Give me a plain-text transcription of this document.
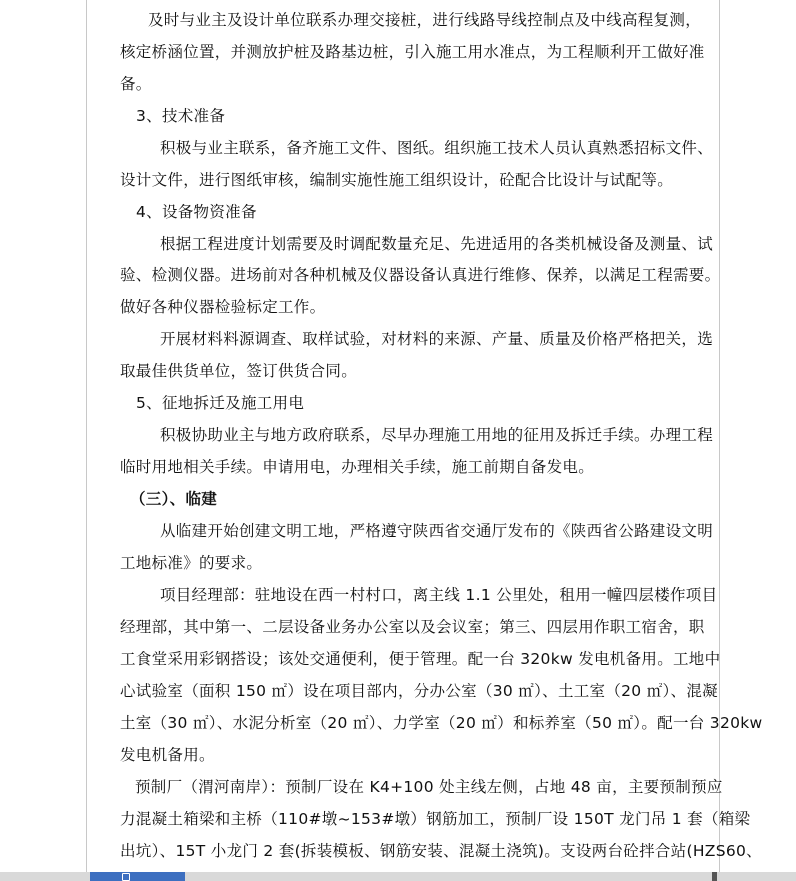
及时与业主及设计单位联系办理交接桩，进行线路导线控制点及中线高程复测，
核定桥涵位置，并测放护桩及路基边桩，引入施工用水准点，为工程顺利开工做好准
备。
3、技术准备
积极与业主联系，备齐施工文件、图纸。组织施工技术人员认真熟悉招标文件、
设计文件，进行图纸审核，编制实施性施工组织设计，砼配合比设计与试配等。
4、设备物资准备
根据工程进度计划需要及时调配数量充足、先进适用的各类机械设备及测量、试
验、检测仪器。进场前对各种机械及仪器设备认真进行维修、保养，以满足工程需要。
做好各种仪器检验标定工作。
开展材料料源调查、取样试验，对材料的来源、产量、质量及价格严格把关，选
取最佳供货单位，签订供货合同。
5、征地拆迁及施工用电
积极协助业主与地方政府联系，尽早办理施工用地的征用及拆迁手续。办理工程
临时用地相关手续。申请用电，办理相关手续，施工前期自备发电。
（三）、临建
从临建开始创建文明工地，严格遵守陕西省交通厅发布的《陕西省公路建设文明
工地标准》的要求。
项目经理部：驻地设在西一村村口，离主线 1.1 公里处，租用一幢四层楼作项目
经理部，其中第一、二层设备业务办公室以及会议室；第三、四层用作职工宿舍，职
工食堂采用彩钢搭设；该处交通便利，便于管理。配一台 320kw 发电机备用。工地中
心试验室（面积 150 ㎡）设在项目部内，分办公室（30 ㎡）、土工室（20 ㎡）、混凝
土室（30 ㎡）、水泥分析室（20 ㎡）、力学室（20 ㎡）和标养室（50 ㎡）。配一台 320kw
发电机备用。
预制厂（渭河南岸）：预制厂设在 K4+100 处主线左侧，占地 48 亩，主要预制预应
力混凝土箱梁和主桥（110#墩~153#墩）钢筋加工，预制厂设 150T 龙门吊 1 套（箱梁
出坑）、15T 小龙门 2 套(拆装模板、钢筋安装、混凝土浇筑)。支设两台砼拌合站(HZS60、
